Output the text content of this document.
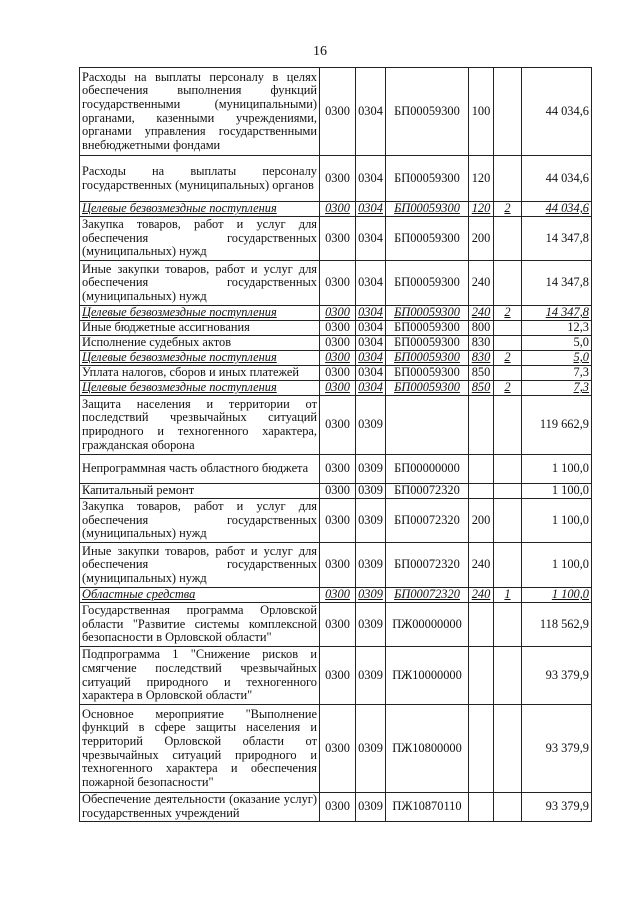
16
Расходы на выплаты персоналу в целях обеспечения выполнения функций государственными (муниципальными) органами, казенными учреждениями, органами управления государственными внебюджетными фондами	0300	0304	БП00059300	100		44 034,6
Расходы на выплаты персоналу государственных (муниципальных) органов	0300	0304	БП00059300	120		44 034,6
Целевые безвозмездные поступления	0300	0304	БП00059300	120	2	44 034,6
Закупка товаров, работ и услуг для обеспечения государственных (муниципальных) нужд	0300	0304	БП00059300	200		14 347,8
Иные закупки товаров, работ и услуг для обеспечения государственных (муниципальных) нужд	0300	0304	БП00059300	240		14 347,8
Целевые безвозмездные поступления	0300	0304	БП00059300	240	2	14 347,8
Иные бюджетные ассигнования	0300	0304	БП00059300	800		12,3
Исполнение судебных актов	0300	0304	БП00059300	830		5,0
Целевые безвозмездные поступления	0300	0304	БП00059300	830	2	5,0
Уплата налогов, сборов и иных платежей	0300	0304	БП00059300	850		7,3
Целевые безвозмездные поступления	0300	0304	БП00059300	850	2	7,3
Защита населения и территории от последствий чрезвычайных ситуаций природного и техногенного характера, гражданская оборона	0300	0309				119 662,9
Непрограммная часть областного бюджета	0300	0309	БП00000000			1 100,0
Капитальный ремонт	0300	0309	БП00072320			1 100,0
Закупка товаров, работ и услуг для обеспечения государственных (муниципальных) нужд	0300	0309	БП00072320	200		1 100,0
Иные закупки товаров, работ и услуг для обеспечения государственных (муниципальных) нужд	0300	0309	БП00072320	240		1 100,0
Областные средства	0300	0309	БП00072320	240	1	1 100,0
Государственная программа Орловской области "Развитие системы комплексной безопасности в Орловской области"	0300	0309	ПЖ00000000			118 562,9
Подпрограмма 1 "Снижение рисков и смягчение последствий чрезвычайных ситуаций природного и техногенного характера в Орловской области"	0300	0309	ПЖ10000000			93 379,9
Основное мероприятие "Выполнение функций в сфере защиты населения и территорий Орловской области от чрезвычайных ситуаций природного и техногенного характера и обеспечения пожарной безопасности"	0300	0309	ПЖ10800000			93 379,9
Обеспечение деятельности (оказание услуг) государственных учреждений	0300	0309	ПЖ10870110			93 379,9
